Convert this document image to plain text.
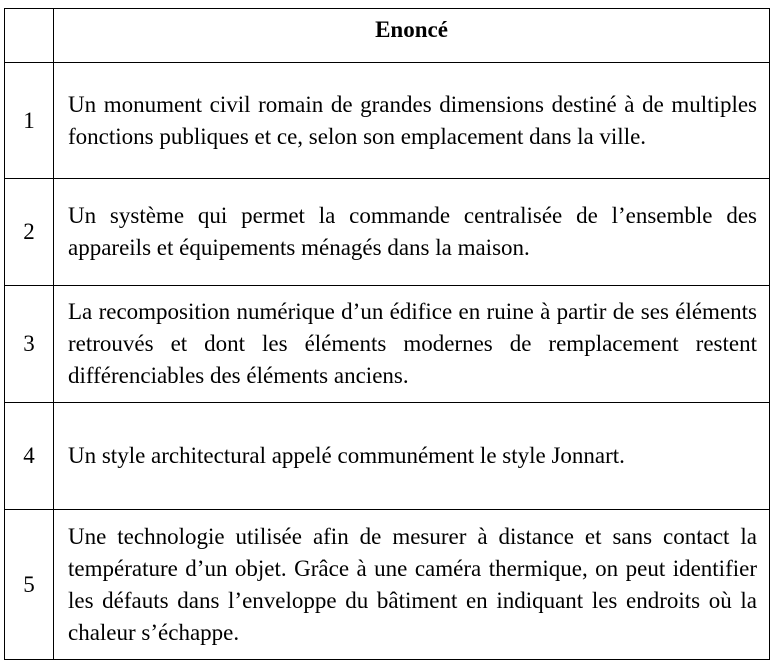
	Enoncé
1	Un monument civil romain de grandes dimensions destiné à de multiples fonctions publiques et ce, selon son emplacement dans la ville.
2	Un système qui permet la commande centralisée de l’ensemble des appareils et équipements ménagés dans la maison.
3	La recomposition numérique d’un édifice en ruine à partir de ses éléments retrouvés et dont les éléments modernes de remplacement restent différenciables des éléments anciens.
4	Un style architectural appelé communément le style Jonnart.
5	Une technologie utilisée afin de mesurer à distance et sans contact la température d’un objet. Grâce à une caméra thermique, on peut identifier les défauts dans l’enveloppe du bâtiment en indiquant les endroits où la chaleur s’échappe.
